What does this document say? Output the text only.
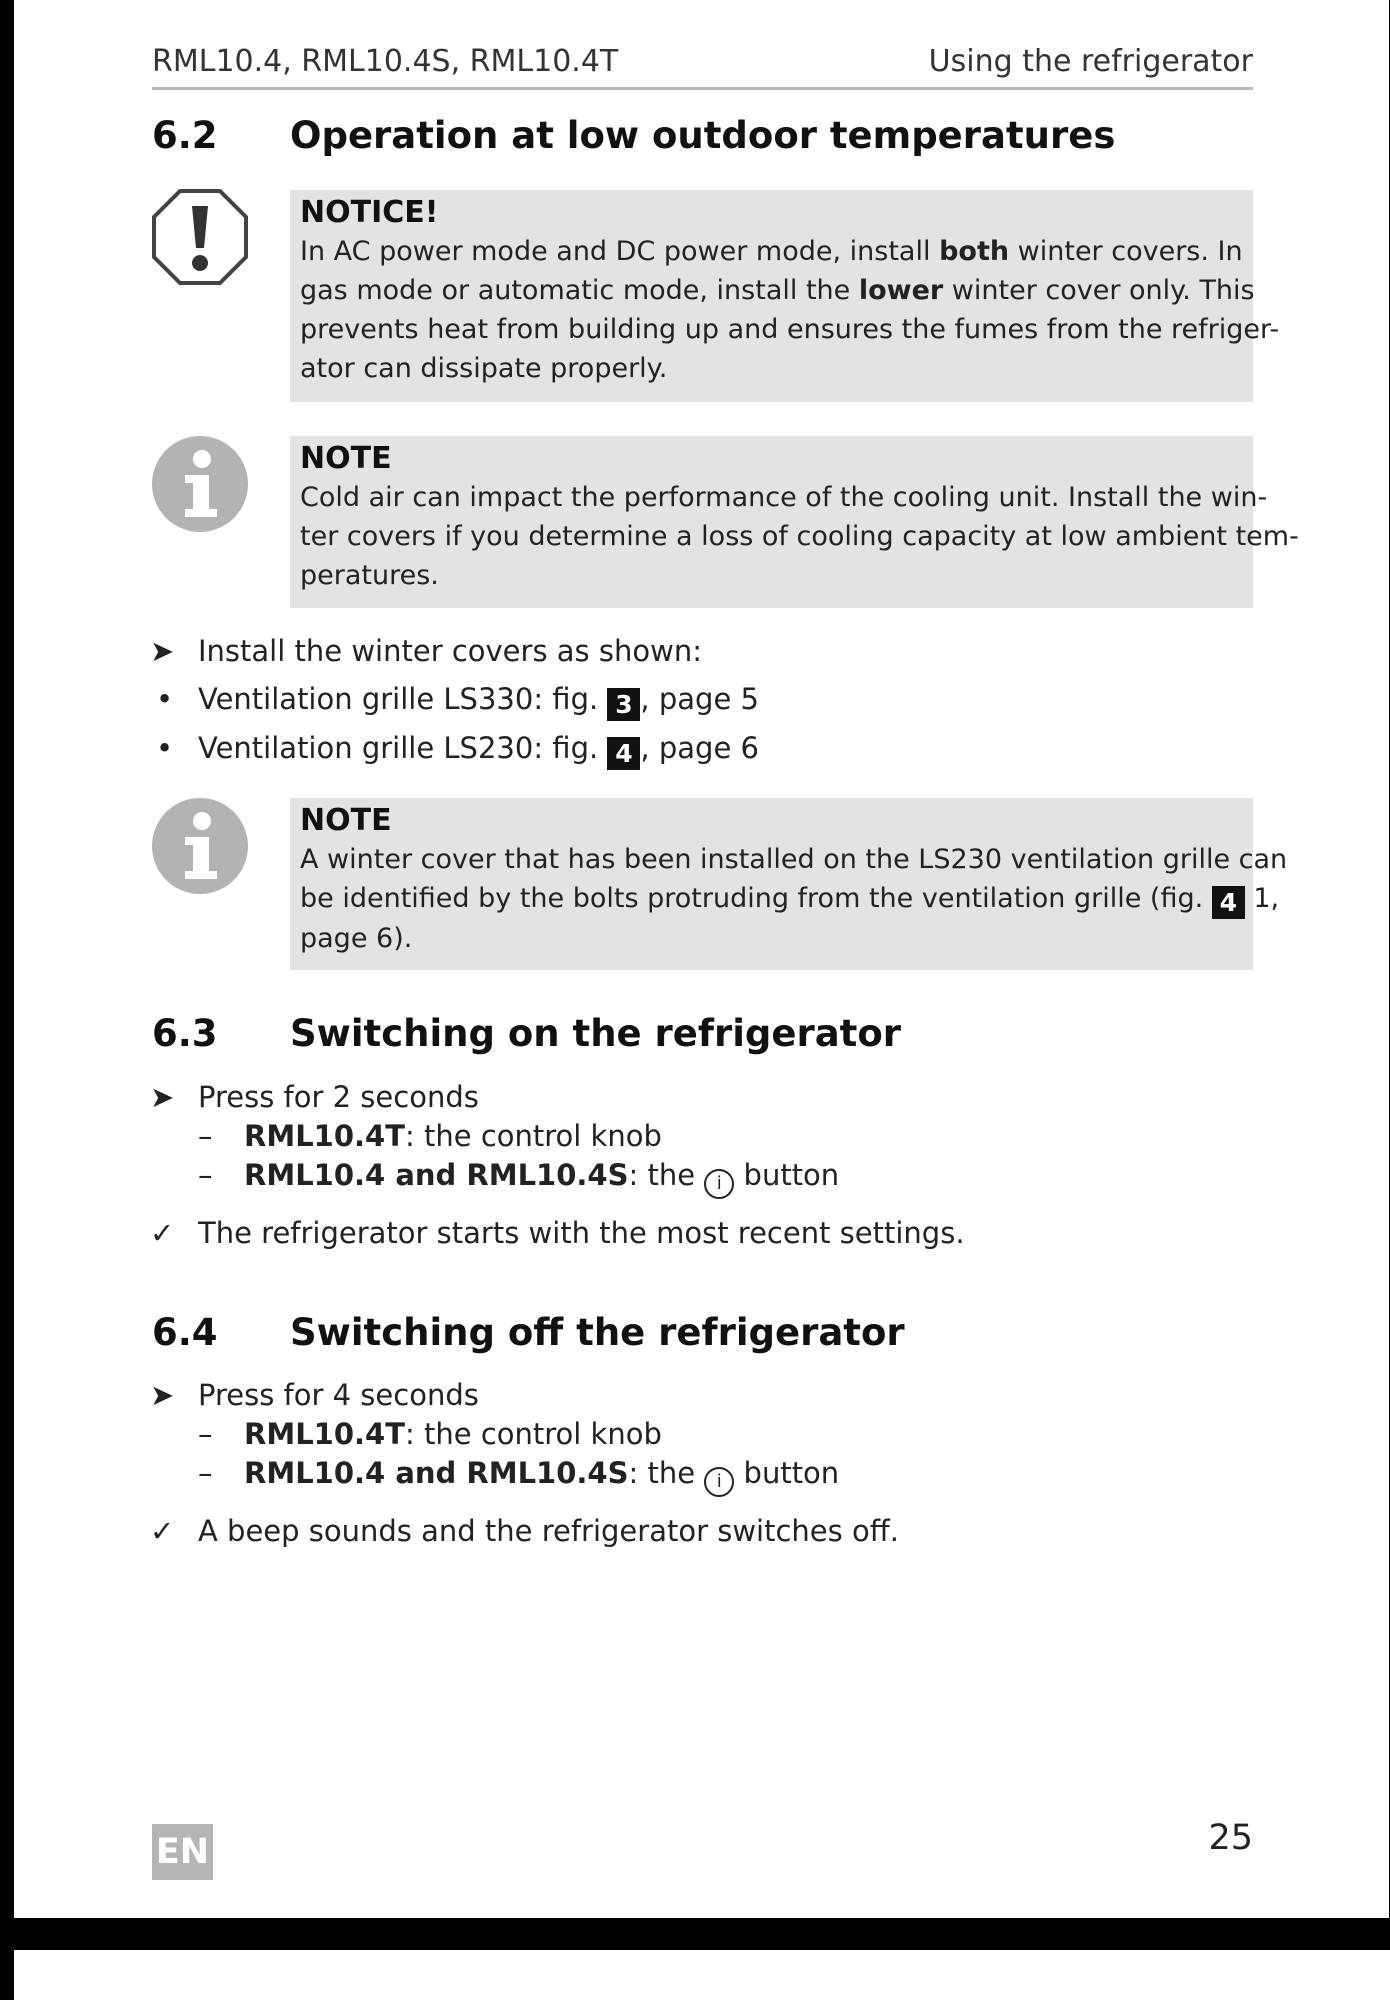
RML10.4, RML10.4S, RML10.4T	Using the refrigerator
6.2 Operation at low outdoor temperatures
NOTICE!
In AC power mode and DC power mode, install both winter covers. In
gas mode or automatic mode, install the lower winter cover only. This
prevents heat from building up and ensures the fumes from the refriger-
ator can dissipate properly.
NOTE
Cold air can impact the performance of the cooling unit. Install the win-
ter covers if you determine a loss of cooling capacity at low ambient tem-
peratures.
➤ Install the winter covers as shown:
• Ventilation grille LS330: fig. 3 , page 5
• Ventilation grille LS230: fig. 4 , page 6
NOTE
A winter cover that has been installed on the LS230 ventilation grille can
be identified by the bolts protruding from the ventilation grille (fig. 4 1,
page 6).
6.3 Switching on the refrigerator
➤ Press for 2 seconds
– RML10.4T: the control knob
– RML10.4 and RML10.4S: the i button
✓ The refrigerator starts with the most recent settings.
6.4 Switching off the refrigerator
➤ Press for 4 seconds
– RML10.4T: the control knob
– RML10.4 and RML10.4S: the i button
✓ A beep sounds and the refrigerator switches off.
EN	25
